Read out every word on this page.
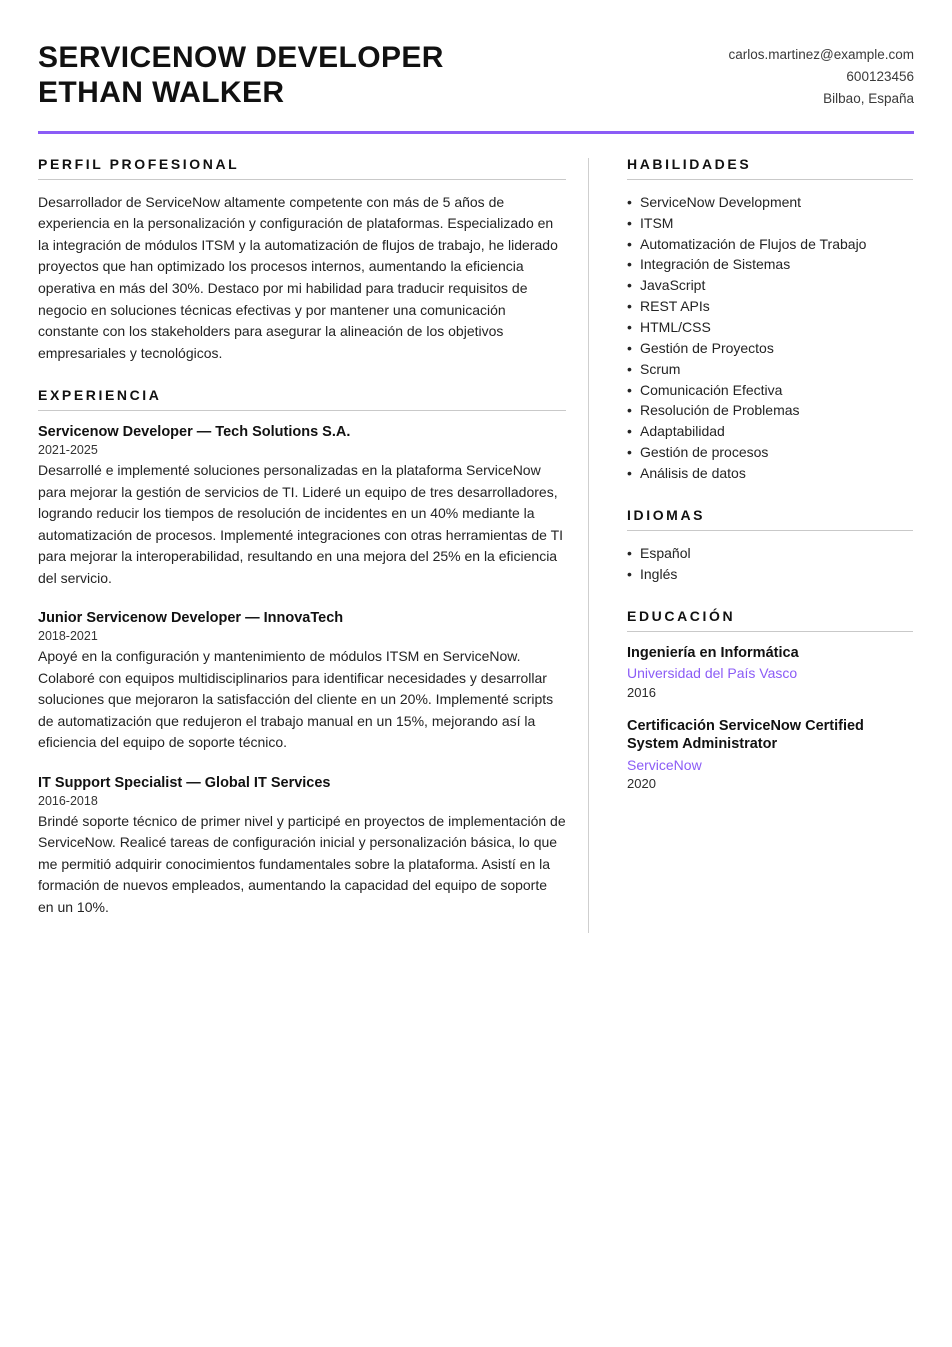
SERVICENOW DEVELOPER
ETHAN WALKER
carlos.martinez@example.com
600123456
Bilbao, España
PERFIL PROFESIONAL

Desarrollador de ServiceNow altamente competente con más de 5 años de experiencia en la personalización y configuración de plataformas. Especializado en la integración de módulos ITSM y la automatización de flujos de trabajo, he liderado proyectos que han optimizado los procesos internos, aumentando la eficiencia operativa en más del 30%. Destaco por mi habilidad para traducir requisitos de negocio en soluciones técnicas efectivas y por mantener una comunicación constante con los stakeholders para asegurar la alineación de los objetivos empresariales y tecnológicos.

EXPERIENCIA
Servicenow Developer — Tech Solutions S.A.
2021-2025
Desarrollé e implementé soluciones personalizadas en la plataforma ServiceNow para mejorar la gestión de servicios de TI. Lideré un equipo de tres desarrolladores, logrando reducir los tiempos de resolución de incidentes en un 40% mediante la automatización de procesos. Implementé integraciones con otras herramientas de TI para mejorar la interoperabilidad, resultando en una mejora del 25% en la eficiencia del servicio.
Junior Servicenow Developer — InnovaTech
2018-2021
Apoyé en la configuración y mantenimiento de módulos ITSM en ServiceNow. Colaboré con equipos multidisciplinarios para identificar necesidades y desarrollar soluciones que mejoraron la satisfacción del cliente en un 20%. Implementé scripts de automatización que redujeron el trabajo manual en un 15%, mejorando así la eficiencia del equipo de soporte técnico.
IT Support Specialist — Global IT Services
2016-2018
Brindé soporte técnico de primer nivel y participé en proyectos de implementación de ServiceNow. Realicé tareas de configuración inicial y personalización básica, lo que me permitió adquirir conocimientos fundamentales sobre la plataforma. Asistí en la formación de nuevos empleados, aumentando la capacidad del equipo de soporte en un 10%.
HABILIDADES
• ServiceNow Development
• ITSM
• Automatización de Flujos de Trabajo
• Integración de Sistemas
• JavaScript
• REST APIs
• HTML/CSS
• Gestión de Proyectos
• Scrum
• Comunicación Efectiva
• Resolución de Problemas
• Adaptabilidad
• Gestión de procesos
• Análisis de datos
IDIOMAS
• Español
• Inglés
EDUCACIÓN
Ingeniería en Informática
Universidad del País Vasco
2016
Certificación ServiceNow Certified System Administrator
ServiceNow
2020
